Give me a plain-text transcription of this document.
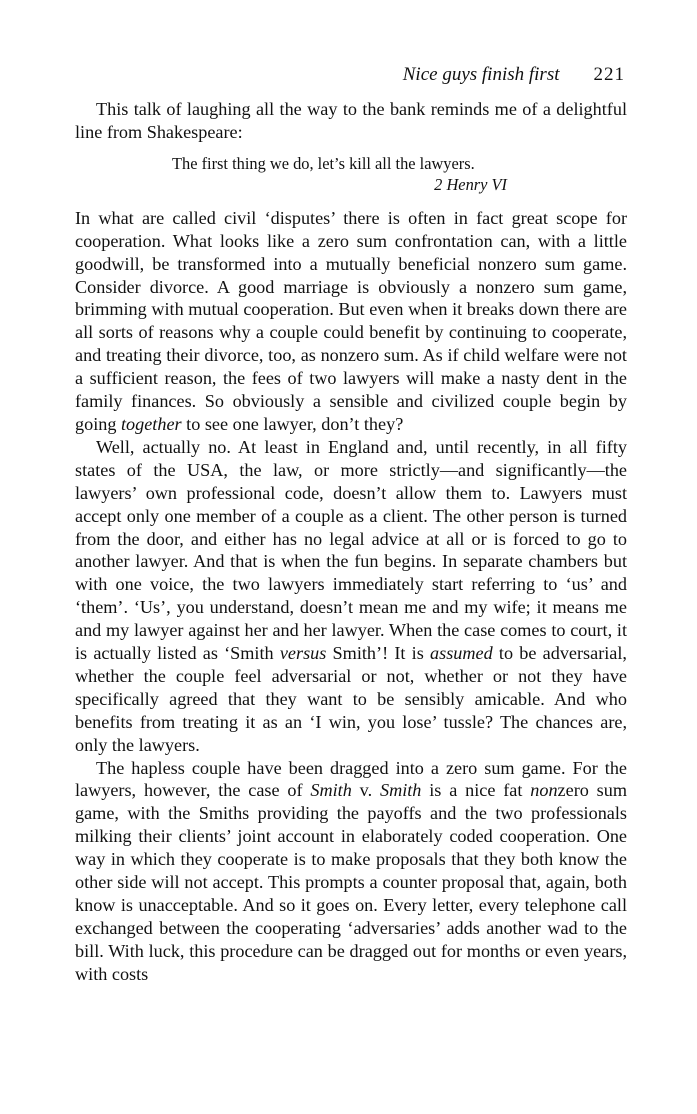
Nice guys finish first 221

This talk of laughing all the way to the bank reminds me of a delightful line from Shakespeare:

The first thing we do, let’s kill all the lawyers.
2 Henry VI

In what are called civil ‘disputes’ there is often in fact great scope for cooperation. What looks like a zero sum confrontation can, with a little goodwill, be transformed into a mutually beneficial nonzero sum game. Consider divorce. A good marriage is obviously a nonzero sum game, brimming with mutual cooperation. But even when it breaks down there are all sorts of reasons why a couple could benefit by continuing to cooperate, and treating their divorce, too, as nonzero sum. As if child welfare were not a sufficient reason, the fees of two lawyers will make a nasty dent in the family finances. So obviously a sensible and civilized couple begin by going together to see one lawyer, don’t they?

Well, actually no. At least in England and, until recently, in all fifty states of the USA, the law, or more strictly—and significantly—the lawyers’ own professional code, doesn’t allow them to. Lawyers must accept only one member of a couple as a client. The other person is turned from the door, and either has no legal advice at all or is forced to go to another lawyer. And that is when the fun begins. In separate chambers but with one voice, the two lawyers immediately start referring to ‘us’ and ‘them’. ‘Us’, you understand, doesn’t mean me and my wife; it means me and my lawyer against her and her lawyer. When the case comes to court, it is actually listed as ‘Smith versus Smith’! It is assumed to be adversarial, whether the couple feel adversarial or not, whether or not they have specifically agreed that they want to be sensibly amicable. And who benefits from treating it as an ‘I win, you lose’ tussle? The chances are, only the lawyers.

The hapless couple have been dragged into a zero sum game. For the lawyers, however, the case of Smith v. Smith is a nice fat nonzero sum game, with the Smiths providing the payoffs and the two professionals milking their clients’ joint account in elaborately coded cooperation. One way in which they cooperate is to make proposals that they both know the other side will not accept. This prompts a counter proposal that, again, both know is unacceptable. And so it goes on. Every letter, every telephone call exchanged between the cooperating ‘adversaries’ adds another wad to the bill. With luck, this procedure can be dragged out for months or even years, with costs
